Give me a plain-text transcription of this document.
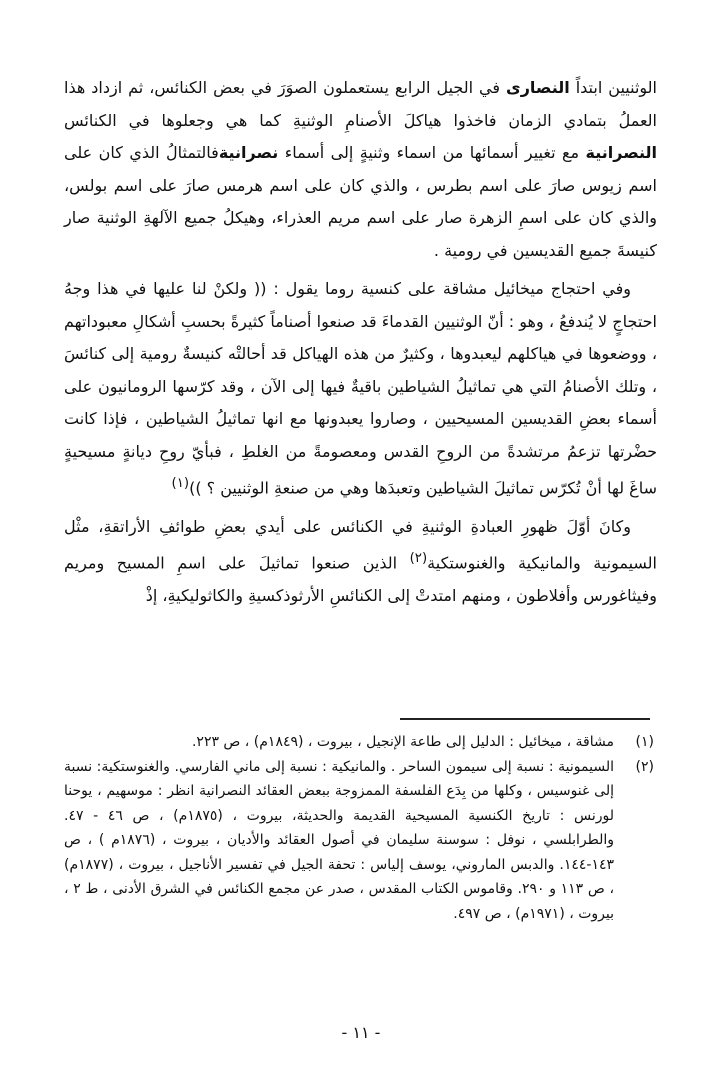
الوثنيين ابتداً النصارى في الجيل الرابع يستعملون الصوَرَ في بعض الكنائس، ثم ازداد هذا العملُ بتمادي الزمان فاخذوا هياكلَ الأصنامِ الوثنيةِ كما هي وجعلوها في الكنائس النصرانية مع تغيير أسمائها من اسماء وثنيةٍ إلى أسماء نصرانيةفالتمثالُ الذي كان على اسم زيوس صارَ على اسم بطرس ، والذي كان على اسم هرمس صارَ على اسم بولس، والذي كان على اسمِ الزهرة صار على اسم مريم العذراء، وهيكلُ جميع الآلهةِ الوثنية صار كنيسةَ جميع القديسين في رومية .

وفي احتجاج ميخائيل مشاقة على كنسية روما يقول : (( ولكنْ لنا عليها في هذا وجهُ احتجاجٍ لا يُندفعُ ، وهو : أنّ الوثنيين القدماءَ قد صنعوا أصناماً كثيرةً بحسبِ أشكالِ معبوداتهم ، ووضعوها في هياكلهم ليعبدوها ، وكثيرٌ من هذه الهياكل قد أحالتْه كنيسةٌ رومية إلى كنائسَ ، وتلك الأصنامُ التي هي تماثيلُ الشياطين باقيةٌ فيها إلى الآن ، وقد كرّسها الرومانيون على أسماء بعضِ القديسين المسيحيين ، وصاروا يعبدونها مع انها تماثيلُ الشياطين ، فإذا كانت حضْرتها تزعمُ مرتشدةً من الروحِ القدس ومعصومةً من الغلطِ ، فبأيّ روحِ ديانةٍ مسيحيةٍ ساغَ لها أنْ تُكرّس تماثيلَ الشياطين وتعبدَها وهي من صنعةِ الوثنيين ؟ ))$^{(١)}$

وكانَ أوّلَ ظهورِ العبادةِ الوثنيةِ في الكنائس على أيدي بعضِ طوائفِ الأراتقةِ، مثْل السيمونية والمانيكية والغنوستكية$^{(٢)}$ الذين صنعوا تماثيلَ على اسمِ المسيح ومريم وفيثاغورس وأفلاطون ، ومنهم امتدتْ إلى الكنائسِ الأرثوذكسيةِ والكاثوليكيةِ، إذْ

(١)
مشاقة ، ميخائيل : الدليل إلى طاعة الإنجيل ، بيروت ، (١٨٤٩م) ، ص ٢٢٣.
(٢)
السيمونية : نسبة إلى سيمون الساحر . والمانيكية : نسبة إلى ماني الفارسي. والغنوستكية: نسبة إلى غنوسيس ، وكلها من بِدَع الفلسفة الممزوجة ببعض العقائد النصرانية انظر : موسهيم ، يوحنا لورنس : تاريخ الكنسية المسيحية القديمة والحديثة، بيروت ، (١٨٧٥م) ، ص ٤٦ - ٤٧. والطرابلسي ، نوفل : سوسنة سليمان في أصول العقائد والأديان ، بيروت ، (١٨٧٦م ) ، ص ١٤٣-١٤٤. والدبس الماروني، يوسف إلياس : تحفة الجيل في تفسير الأناجيل ، بيروت ، (١٨٧٧م) ، ص ١١٣ و ٢٩٠. وقاموس الكتاب المقدس ، صدر عن مجمع الكنائس في الشرق الأدنى ، ط ٢ ، بيروت ، (١٩٧١م) ، ص ٤٩٧.
- ١١ -
